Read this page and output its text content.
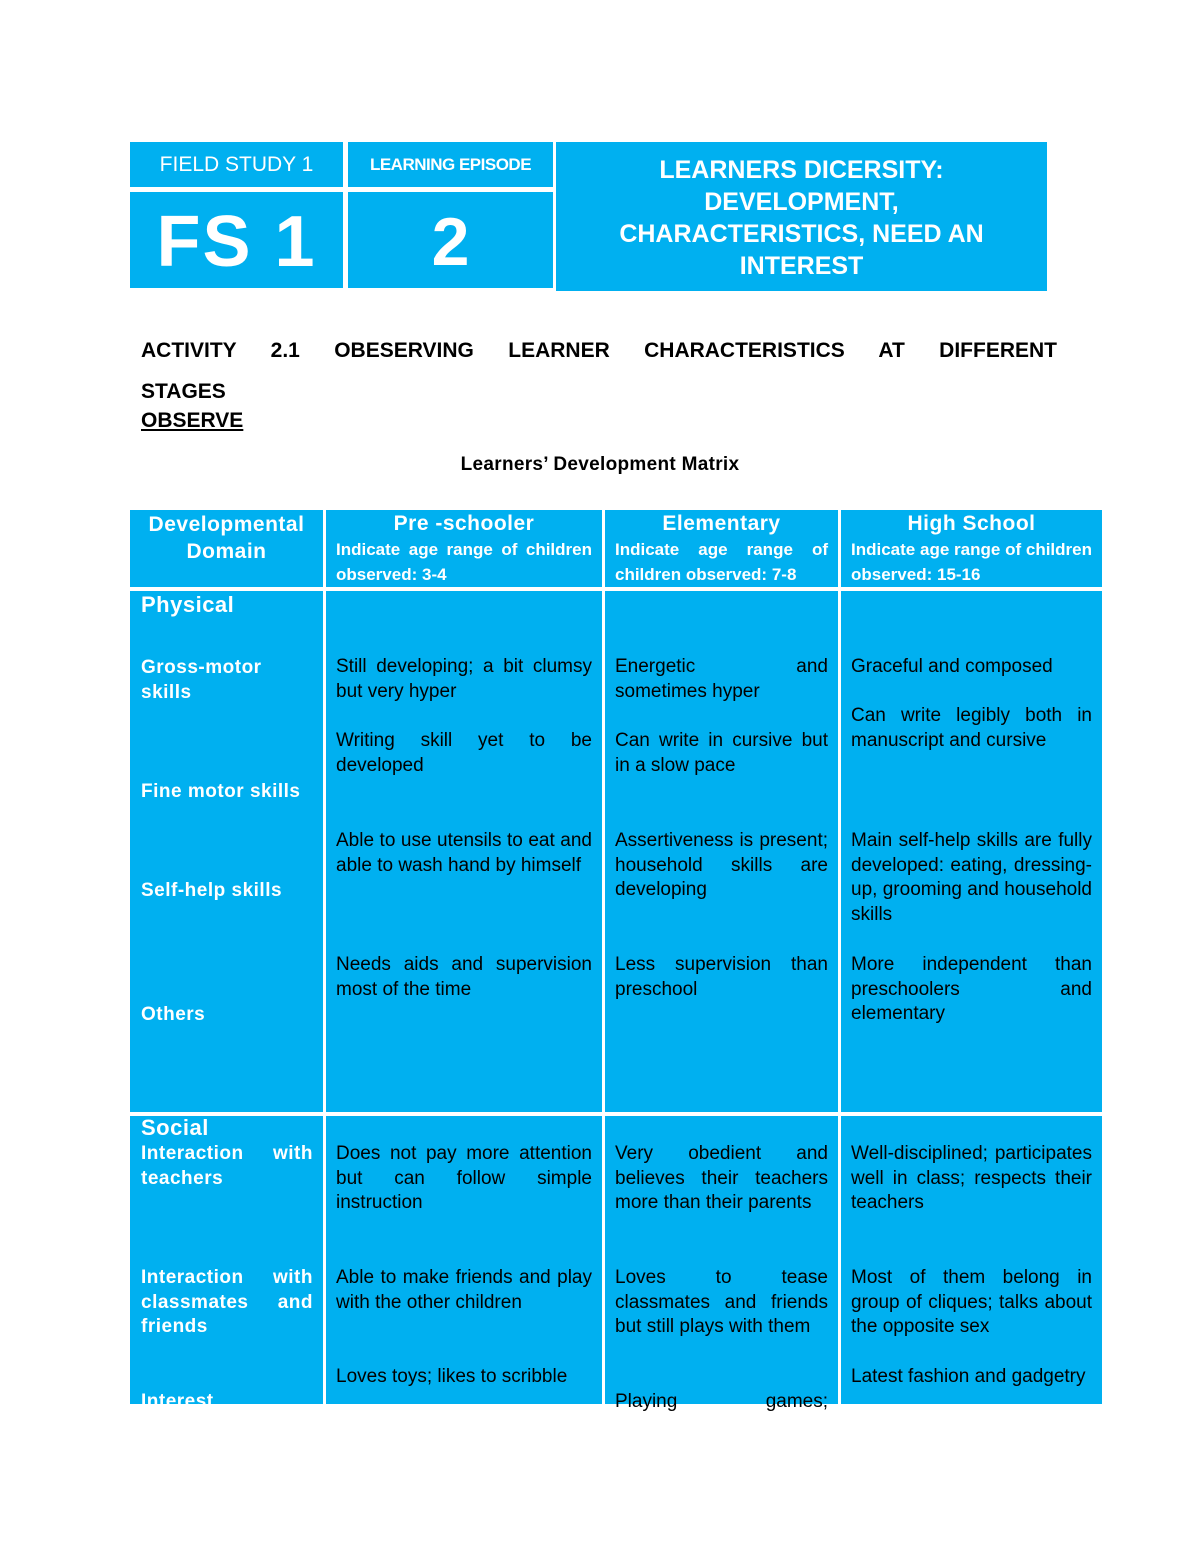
FIELD STUDY 1	LEARNING EPISODE
FS 1	2
LEARNERS DICERSITY:
DEVELOPMENT,
CHARACTERISTICS, NEED AN
INTEREST
ACTIVITY 2.1 OBESERVING LEARNER CHARACTERISTICS AT DIFFERENT
STAGES
OBSERVE
Learners’ Development Matrix
Developmental
Domain
Pre -schooler
Indicate age range of children observed: 3-4
Elementary
Indicate age range of children observed: 7-8
High School
Indicate age range of children observed: 15-16
Physical
Gross-motor skills
Fine motor skills
Self-help skills
Others
Still developing; a bit clumsy but very hyper
Writing skill yet to be developed
Able to use utensils to eat and able to wash hand by himself
Needs aids and supervision most of the time
Energetic and sometimes hyper
Can write in cursive but in a slow pace
Assertiveness is present; household skills are developing
Less supervision than preschool
Graceful and composed
Can write legibly both in manuscript and cursive
Main self-help skills are fully developed: eating, dressing-up, grooming and household skills
More independent than preschoolers and elementary
Social
Interaction with teachers
Interaction with classmates and friends
Interest
Does not pay more attention but can follow simple instruction
Able to make friends and play with the other children
Loves toys; likes to scribble
Very obedient and believes their teachers more than their parents
Loves to tease classmates and friends but still plays with them
Playing games;
Well-disciplined; participates well in class; respects their teachers
Most of them belong in group of cliques; talks about the opposite sex
Latest fashion and gadgetry
